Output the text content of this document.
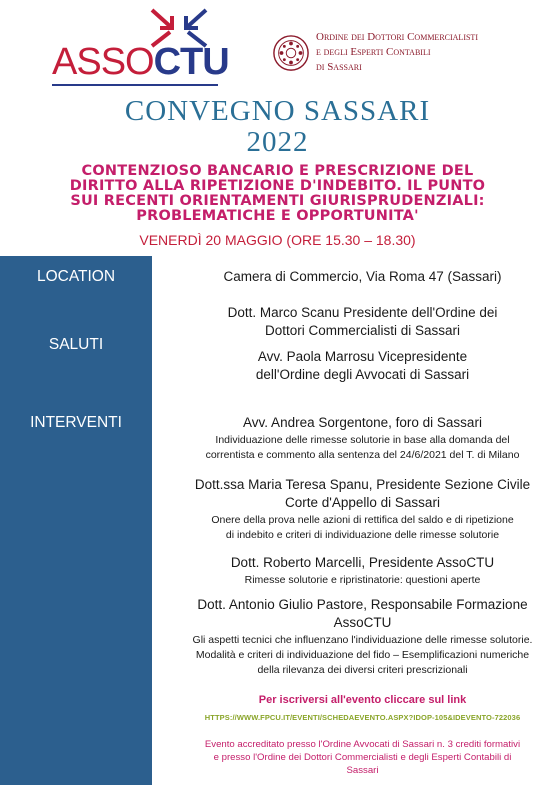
ASSOCTU
Ordine dei Dottori Commercialisti
e degli Esperti Contabili
di Sassari
CONVEGNO SASSARI
2022
CONTENZIOSO BANCARIO E PRESCRIZIONE DEL
DIRITTO ALLA RIPETIZIONE D'INDEBITO. IL PUNTO
SUI RECENTI ORIENTAMENTI GIURISPRUDENZIALI:
PROBLEMATICHE E OPPORTUNITA'
VENERDÌ 20 MAGGIO (ORE 15.30 – 18.30)
LOCATION
SALUTI
INTERVENTI
Camera di Commercio, Via Roma 47 (Sassari)
Dott. Marco Scanu Presidente dell'Ordine dei
Dottori Commercialisti di Sassari
Avv. Paola Marrosu Vicepresidente
dell'Ordine degli Avvocati di Sassari
Avv. Andrea Sorgentone, foro di Sassari
Individuazione delle rimesse solutorie in base alla domanda del
correntista e commento alla sentenza del 24/6/2021 del T. di Milano
Dott.ssa Maria Teresa Spanu, Presidente Sezione Civile
Corte d'Appello di Sassari
Onere della prova nelle azioni di rettifica del saldo e di ripetizione
di indebito e criteri di individuazione delle rimesse solutorie
Dott. Roberto Marcelli, Presidente AssoCTU
Rimesse solutorie e ripristinatorie: questioni aperte
Dott. Antonio Giulio Pastore, Responsabile Formazione
AssoCTU
Gli aspetti tecnici che influenzano l'individuazione delle rimesse solutorie.
Modalità e criteri di individuazione del fido – Esemplificazioni numeriche
della rilevanza dei diversi criteri prescrizionali
Per iscriversi all'evento cliccare sul link
HTTPS://WWW.FPCU.IT/EVENTI/SCHEDAEVENTO.ASPX?IDOP-105&IDEVENTO-722036
Evento accreditato presso l'Ordine Avvocati di Sassari n. 3 crediti formativi
e presso l'Ordine dei Dottori Commercialisti e degli Esperti Contabili di
Sassari
